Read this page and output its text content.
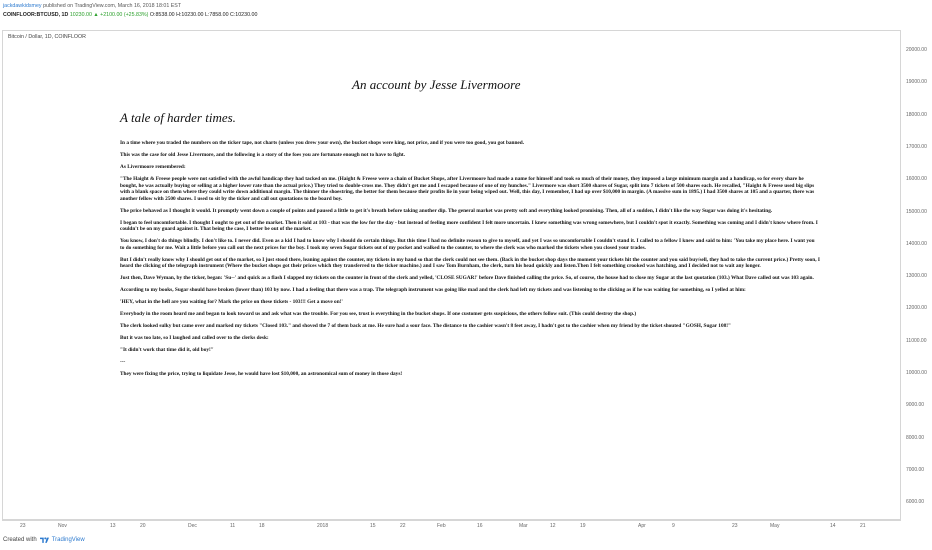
jackdawkidsmey published on TradingView.com, March 16, 2018 18:01 EST
COINFLOOR:BTCUSD, 1D 10230.00 ▲ +2100.00 (+25.83%) O:8538.00 H:10230.00 L:7858.00 C:10230.00
Bitcoin / Dollar, 1D, COINFLOOR
20000.00
19000.00
18000.00
17000.00
16000.00
15000.00
14000.00
13000.00
12000.00
11000.00
10000.00
9000.00
8000.00
7000.00
6000.00
23	Nov	13	20	Dec	11	18	2018	15	22	Feb	16	Mar	12	19	Apr	9	23	May	14	21
An account by Jesse Livermoore
A tale of harder times.

In a time where you traded the numbers on the ticker tape, not charts (unless you drew your own), the bucket shops were king, not price, and if you were too good, you got banned.

This was the case for old Jesse Livermore, and the following is a story of the foes you are fortunate enough not to have to fight.

As Livermoore remembered:

"The Haight & Freese people were not satisfied with the awful handicap they had tacked on me. (Haight & Freese were a chain of Bucket Shops, after Livermoore had made a name for himself and took so much of their money, they imposed a large minimum margin and a handicap, so for every share he bought, he was actually buying or selling at a higher lower rate than the actual price.) They tried to double-cross me. They didn't get me and I escaped because of one of my hunches." Livermore was short 3500 shares of Sugar, split into 7 tickets of 500 shares each. He recalled, "Haight & Freese used big slips with a blank space on them where they could write down additional margin. The thinner the shoestring, the better for them because their profits lie in your being wiped out. Well, this day, I remember, I had up over $10,000 in margin. (A massive sum in 1895.) I had 3500 shares at 105 and a quarter, there was another fellow with 2500 shares. I used to sit by the ticker and call out quotations to the board boy.

The price behaved as I thought it would. It promptly went down a couple of points and paused a little to get it's breath before taking another dip. The general market was pretty soft and everything looked promising. Then, all of a sudden, I didn't like the way Sugar was doing it's hesitating.

I began to feel uncomfortable. I thought I ought to get out of the market. Then it sold at 103 - that was the low for the day - but instead of feeling more confident I felt more uncertain. I knew something was wrong somewhere, but I couldn't spot it exactly. Something was coming and I didn't know where from. I couldn't be on my guard against it. That being the case, I better be out of the market.

You know, I don't do things blindly. I don't like to. I never did. Even as a kid I had to know why I should do certain things. But this time I had no definite reason to give to myself, and yet I was so uncomfortable I couldn't stand it. I called to a fellow I knew and said to him: 'You take my place here. I want you to do something for me. Wait a little before you call out the next prices for the boy. I took my seven Sugar tickets out of my pocket and walked to the counter, to where the clerk was who marked the tickets when you closed your trades.

But I didn't really know why I should get out of the market, so I just stood there, leaning against the counter, my tickets in my hand so that the clerk could not see them. (Back in the bucket shop days the moment your tickets hit the counter and you said buy/sell, they had to take the current price.) Pretty soon, I heard the clicking of the telegraph instrument (Where the bucket shops got their prices which they transferred to the ticker machine.) and I saw Tom Burnham, the clerk, turn his head quickly and listen.Then I felt something crooked was hatching, and I decided not to wait any longer.

Just then, Dave Wyman, by the ticker, began: 'Su--' and quick as a flash I slapped my tickets on the counter in front of the clerk and yelled, 'CLOSE SUGAR!' before Dave finished calling the price. So, of course, the house had to close my Sugar at the last quotation (103.) What Dave called out was 103 again.

According to my books, Sugar should have broken (lower than) 103 by now. I had a feeling that there was a trap. The telegraph instrument was going like mad and the clerk had left my tickets and was listening to the clicking as if he was waiting for something, so I yelled at him:

'HEY, what in the hell are you waiting for? Mark the price on these tickets - 103!!! Get a move on!'

Everybody in the room heard me and began to look toward us and ask what was the trouble. For you see, trust is everything in the bucket shops. If one customer gets suspicious, the others follow suit. (This could destroy the shop.)

The clerk looked sulky but came over and marked my tickets "Closed 103." and shoved the 7 of them back at me. He sure had a sour face. The distance to the cashier wasn't 8 feet away, I hadn't got to the cashier when my friend by the ticket shouted "GOSH, Sugar 108!"

But it was too late, so I laughed and called over to the clerks desk:

"It didn't work that time did it, old boy!"

---

They were fixing the price, trying to liquidate Jesse, he would have lost $10,000, an astronomical sum of money in those days!

Created with	TradingView
